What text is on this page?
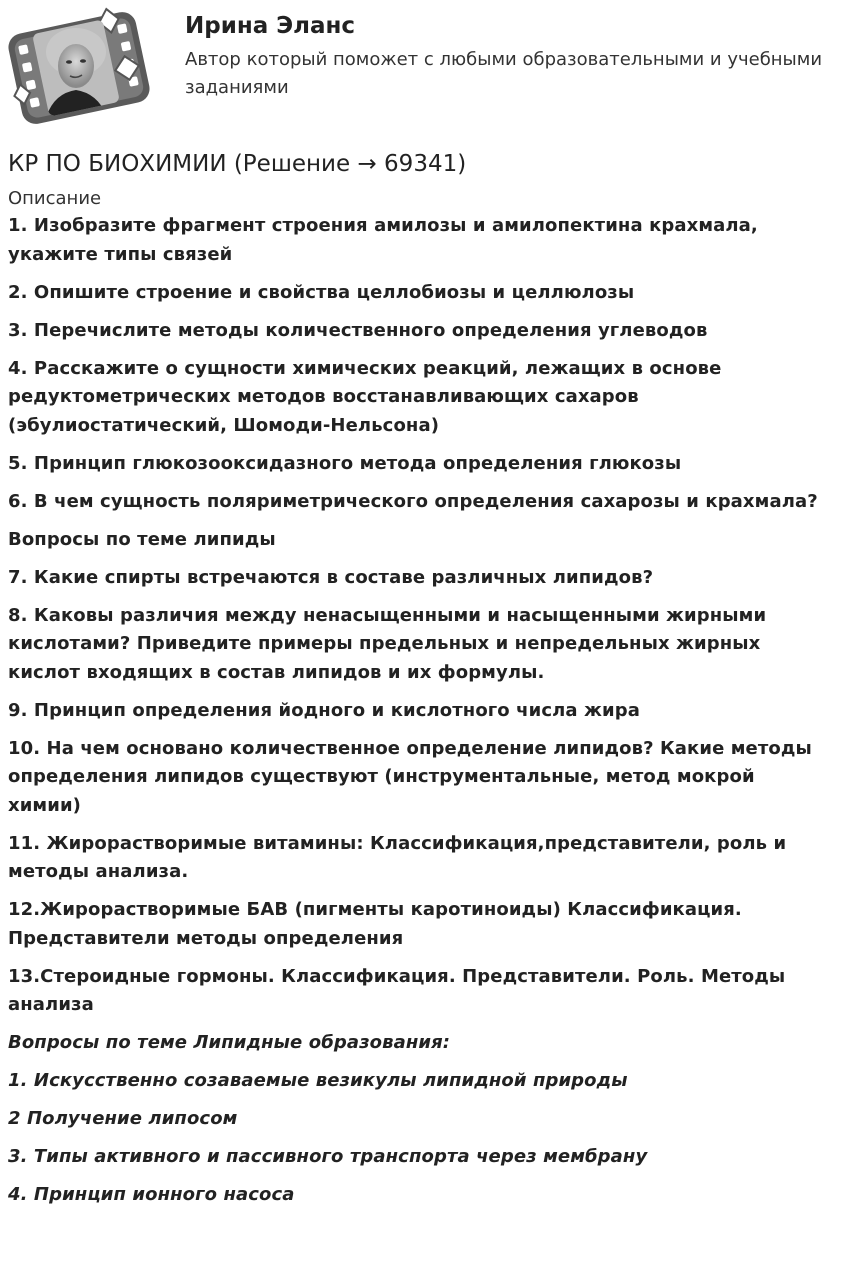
Ирина Эланс

Автор который поможет с любыми образовательными и учебными заданиями

КР ПО БИОХИМИИ (Решение → 69341)

Описание

1. Изобразите фрагмент строения амилозы и амилопектина крахмала, укажите типы связей

2. Опишите строение и свойства целлобиозы и целлюлозы

3. Перечислите методы количественного определения углеводов

4. Расскажите о сущности химических реакций, лежащих в основе редуктометрических методов восстанавливающих сахаров (эбулиостатический, Шомоди-Нельсона)

5. Принцип глюкозооксидазного метода определения глюкозы

6. В чем сущность поляриметрического определения сахарозы и крахмала?

Вопросы по теме липиды

7. Какие спирты встречаются в составе различных липидов?

8. Каковы различия между ненасыщенными и насыщенными жирными кислотами? Приведите примеры предельных и непредельных жирных кислот входящих в состав липидов и их формулы.

9. Принцип определения йодного и кислотного числа жира

10. На чем основано количественное определение липидов? Какие методы определения липидов существуют (инструментальные, метод мокрой химии)

11. Жирорастворимые витамины: Классификация,представители, роль и методы анализа.

12.Жирорастворимые БАВ (пигменты каротиноиды) Классификация. Представители методы определения

13.Стероидные гормоны. Классификация. Представители. Роль. Методы анализа

Вопросы по теме Липидные образования:

1. Искусственно созаваемые везикулы липидной природы

2 Получение липосом

3. Типы активного и пассивного транспорта через мембрану

4. Принцип ионного насоса
